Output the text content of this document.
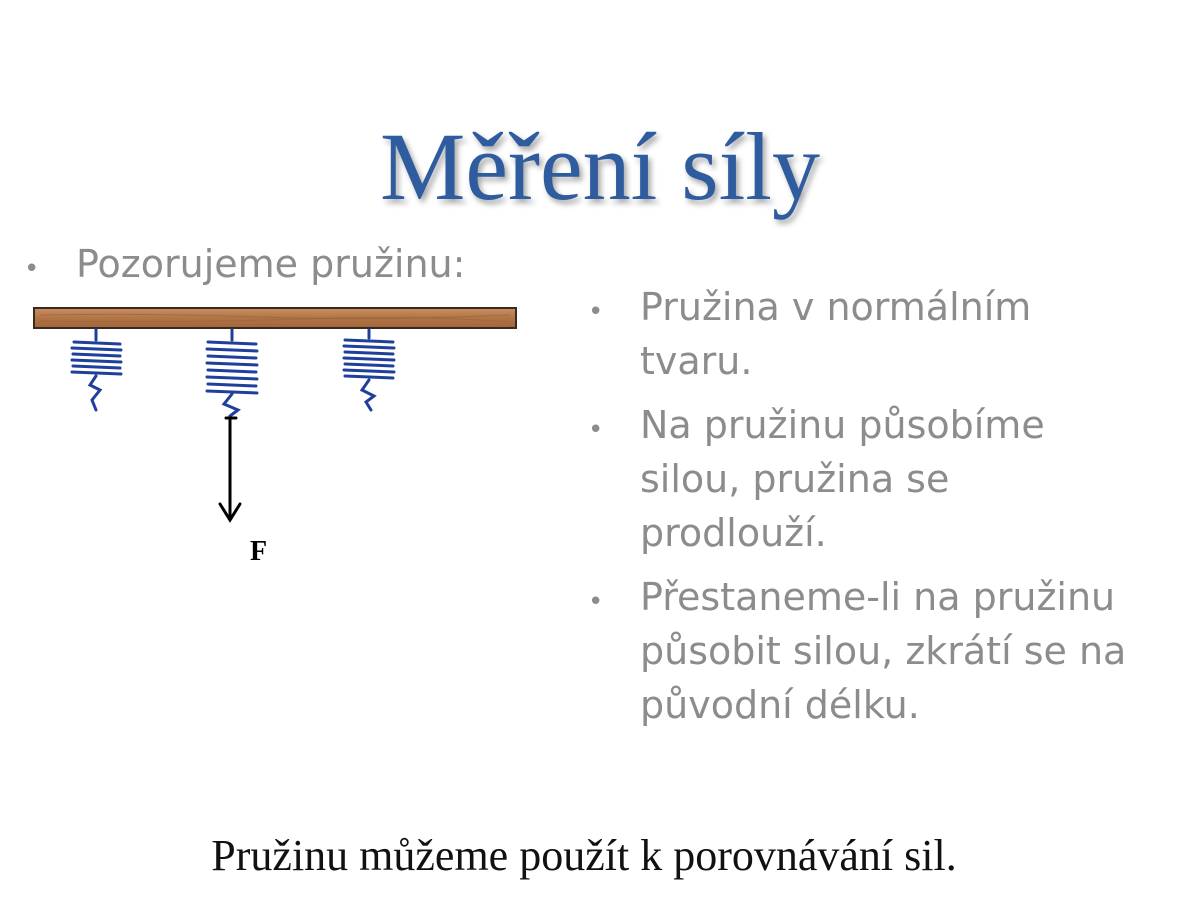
Měření síly
• Pozorujeme pružinu:
F
• Pružina v normálním tvaru.
• Na pružinu působíme silou, pružina se prodlouží.
• Přestaneme-li na pružinu působit silou, zkrátí se na původní délku.

Pružinu můžeme použít k porovnávání sil.
